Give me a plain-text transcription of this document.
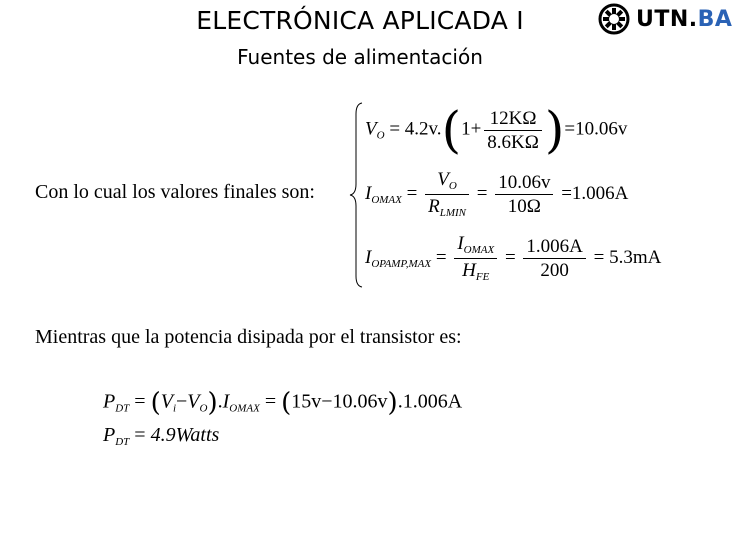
ELECTRÓNICA APLICADA I
Fuentes de alimentación
UTN.BA
Con lo cual los valores finales son:
$V_O = 4.2v.(1+ \frac{12K\Omega}{8.6K\Omega} )=10.06v$
$I_{OMAX} = \frac{V_O}{R_{LMIN}} = \frac{10.06v}{10\Omega} =1.006A$
$I_{OPAMP,MAX} = \frac{I_{OMAX}}{H_{FE}} = \frac{1.006A}{200} = 5.3mA$
Mientras que la potencia disipada por el transistor es:
$P_{DT} = (V_i-V_O).I_{OMAX} = (15v-10.06v).1.006A$
$P_{DT}$ = 4.9Watts
